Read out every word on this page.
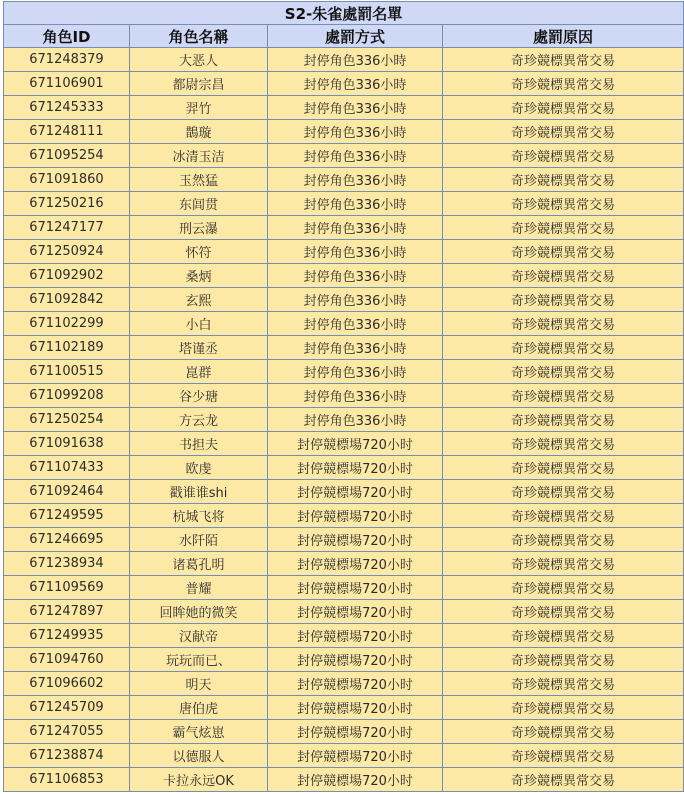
S2-朱雀處罰名單			
角色ID	角色名稱	處罰方式	處罰原因
671248379	大恶人	封停角色336小時	奇珍競標異常交易
671106901	都尉宗昌	封停角色336小時	奇珍競標異常交易
671245333	羿竹	封停角色336小時	奇珍競標異常交易
671248111	鵲璇	封停角色336小時	奇珍競標異常交易
671095254	冰清玉洁	封停角色336小時	奇珍競標異常交易
671091860	玉然猛	封停角色336小時	奇珍競標異常交易
671250216	东闾贯	封停角色336小時	奇珍競標異常交易
671247177	刑云瀑	封停角色336小時	奇珍競標異常交易
671250924	怀符	封停角色336小時	奇珍競標異常交易
671092902	桑炳	封停角色336小時	奇珍競標異常交易
671092842	玄熙	封停角色336小時	奇珍競標異常交易
671102299	小白	封停角色336小時	奇珍競標異常交易
671102189	塔谨丞	封停角色336小時	奇珍競標異常交易
671100515	崑群	封停角色336小時	奇珍競標異常交易
671099208	谷少瑭	封停角色336小時	奇珍競標異常交易
671250254	方云龙	封停角色336小時	奇珍競標異常交易
671091638	书担夫	封停競標場720小时	奇珍競標異常交易
671107433	欧虔	封停競標場720小时	奇珍競標異常交易
671092464	戳谁谁shi	封停競標場720小时	奇珍競標異常交易
671249595	杭城飞将	封停競標場720小时	奇珍競標異常交易
671246695	水阡陌	封停競標場720小时	奇珍競標異常交易
671238934	诸葛孔明	封停競標場720小时	奇珍競標異常交易
671109569	普耀	封停競標場720小时	奇珍競標異常交易
671247897	回眸她的微笑	封停競標場720小时	奇珍競標異常交易
671249935	汉献帝	封停競標場720小时	奇珍競標異常交易
671094760	玩玩而已、	封停競標場720小时	奇珍競標異常交易
671096602	明天	封停競標場720小时	奇珍競標異常交易
671245709	唐伯虎	封停競標場720小时	奇珍競標異常交易
671247055	霸气炫崽	封停競標場720小时	奇珍競標異常交易
671238874	以德服人	封停競標場720小时	奇珍競標異常交易
671106853	卡拉永远OK	封停競標場720小时	奇珍競標異常交易
